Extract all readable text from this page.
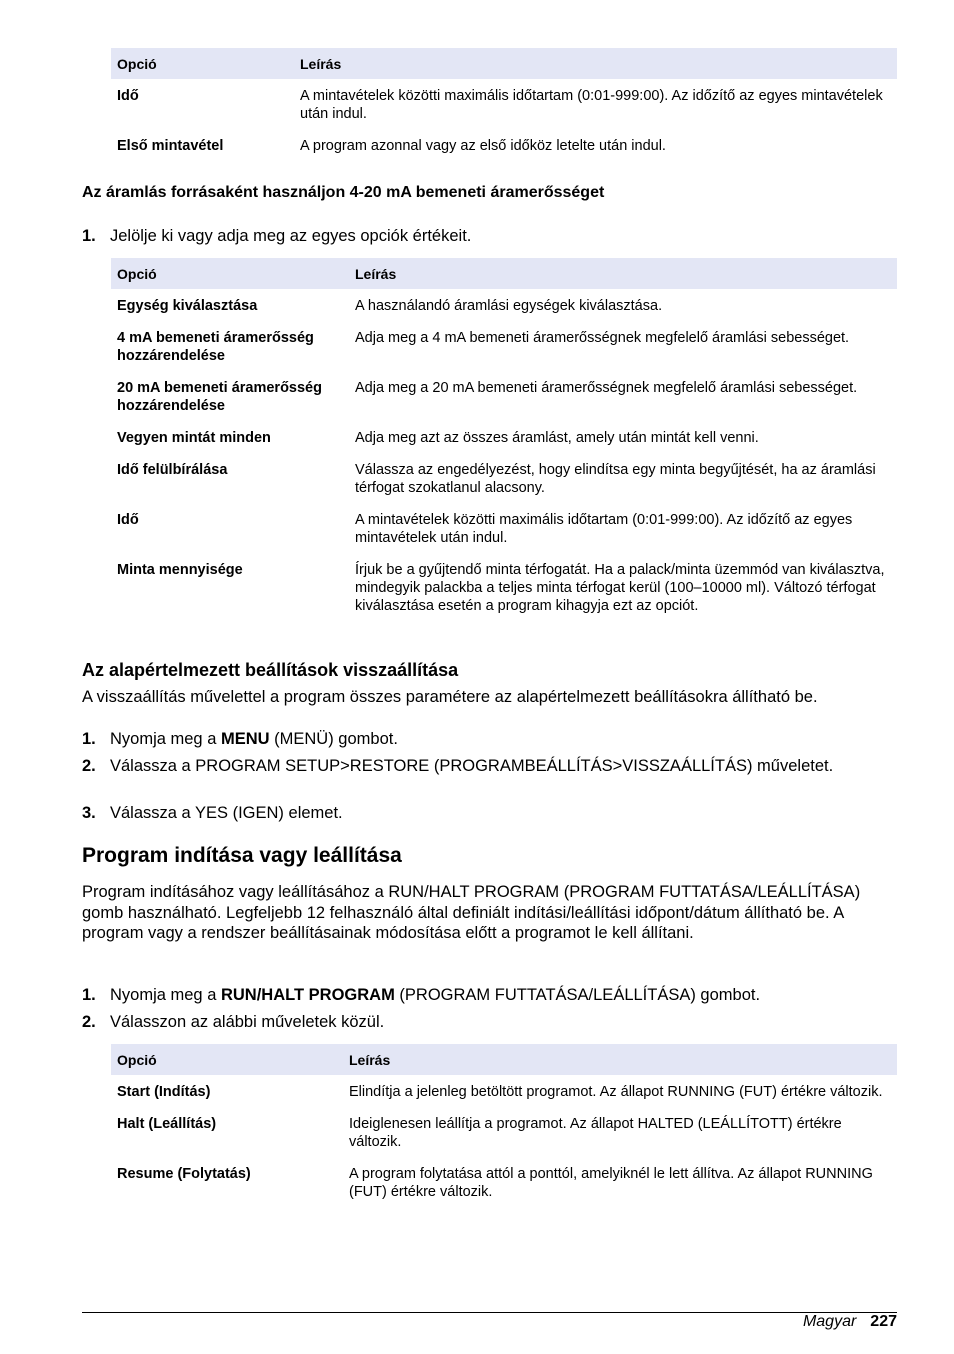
Opció	Leírás
Idő	A mintavételek közötti maximális időtartam (0:01-999:00). Az időzítő az egyes mintavételek után indul.
Első mintavétel	A program azonnal vagy az első időköz letelte után indul.
Az áramlás forrásaként használjon 4-20 mA bemeneti áramerősséget
1. Jelölje ki vagy adja meg az egyes opciók értékeit.
Opció	Leírás
Egység kiválasztása	A használandó áramlási egységek kiválasztása.
4 mA bemeneti áramerősség hozzárendelése	Adja meg a 4 mA bemeneti áramerősségnek megfelelő áramlási sebességet.
20 mA bemeneti áramerősség hozzárendelése	Adja meg a 20 mA bemeneti áramerősségnek megfelelő áramlási sebességet.
Vegyen mintát minden	Adja meg azt az összes áramlást, amely után mintát kell venni.
Idő felülbírálása	Válassza az engedélyezést, hogy elindítsa egy minta begyűjtését, ha az áramlási térfogat szokatlanul alacsony.
Idő	A mintavételek közötti maximális időtartam (0:01-999:00). Az időzítő az egyes mintavételek után indul.
Minta mennyisége	Írjuk be a gyűjtendő minta térfogatát. Ha a palack/minta üzemmód van kiválasztva, mindegyik palackba a teljes minta térfogat kerül (100–10000 ml). Változó térfogat kiválasztása esetén a program kihagyja ezt az opciót.
Az alapértelmezett beállítások visszaállítása
A visszaállítás művelettel a program összes paramétere az alapértelmezett beállításokra állítható be.
1. Nyomja meg a MENU (MENÜ) gombot.
2. Válassza a PROGRAM SETUP>RESTORE (PROGRAMBEÁLLÍTÁS>VISSZAÁLLÍTÁS) műveletet.
3. Válassza a YES (IGEN) elemet.
Program indítása vagy leállítása
Program indításához vagy leállításához a RUN/HALT PROGRAM (PROGRAM FUTTATÁSA/LEÁLLÍTÁSA) gomb használható. Legfeljebb 12 felhasználó által definiált indítási/leállítási időpont/dátum állítható be. A program vagy a rendszer beállításainak módosítása előtt a programot le kell állítani.
1. Nyomja meg a RUN/HALT PROGRAM (PROGRAM FUTTATÁSA/LEÁLLÍTÁSA) gombot.
2. Válasszon az alábbi műveletek közül.
Opció	Leírás
Start (Indítás)	Elindítja a jelenleg betöltött programot. Az állapot RUNNING (FUT) értékre változik.
Halt (Leállítás)	Ideiglenesen leállítja a programot. Az állapot HALTED (LEÁLLÍTOTT) értékre változik.
Resume (Folytatás)	A program folytatása attól a ponttól, amelyiknél le lett állítva. Az állapot RUNNING (FUT) értékre változik.
Magyar 227
